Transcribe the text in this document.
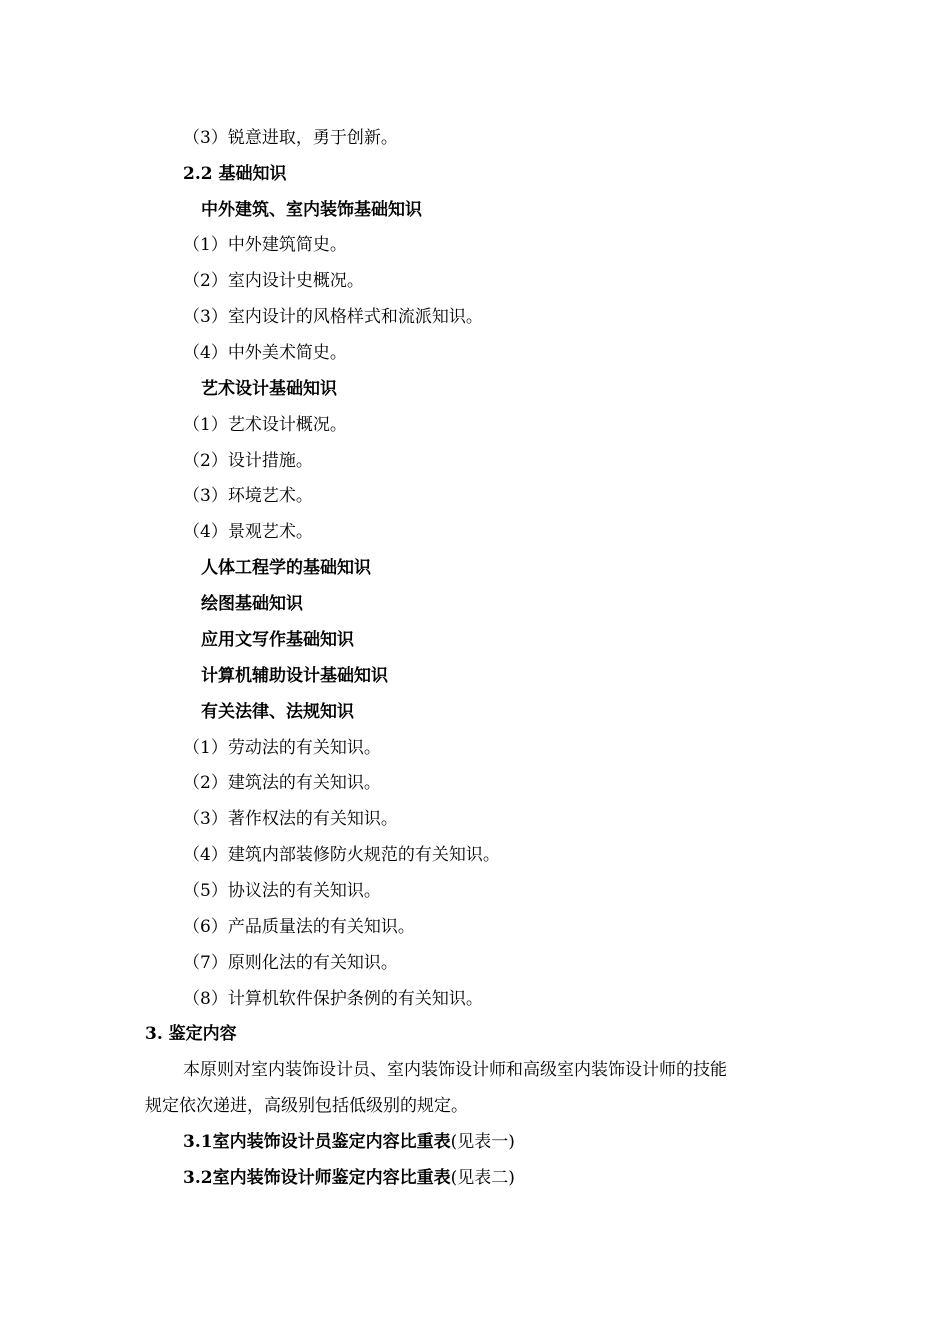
（3）锐意进取，勇于创新。
2.2 基础知识
中外建筑、室内装饰基础知识
（1）中外建筑简史。
（2）室内设计史概况。
（3）室内设计的风格样式和流派知识。
（4）中外美术简史。
艺术设计基础知识
（1）艺术设计概况。
（2）设计措施。
（3）环境艺术。
（4）景观艺术。
人体工程学的基础知识
绘图基础知识
应用文写作基础知识
计算机辅助设计基础知识
有关法律、法规知识
（1）劳动法的有关知识。
（2）建筑法的有关知识。
（3）著作权法的有关知识。
（4）建筑内部装修防火规范的有关知识。
（5）协议法的有关知识。
（6）产品质量法的有关知识。
（7）原则化法的有关知识。
（8）计算机软件保护条例的有关知识。
3. 鉴定内容
本原则对室内装饰设计员、室内装饰设计师和高级室内装饰设计师的技能
规定依次递进，高级别包括低级别的规定。
3.1室内装饰设计员鉴定内容比重表(见表一)
3.2室内装饰设计师鉴定内容比重表(见表二)
